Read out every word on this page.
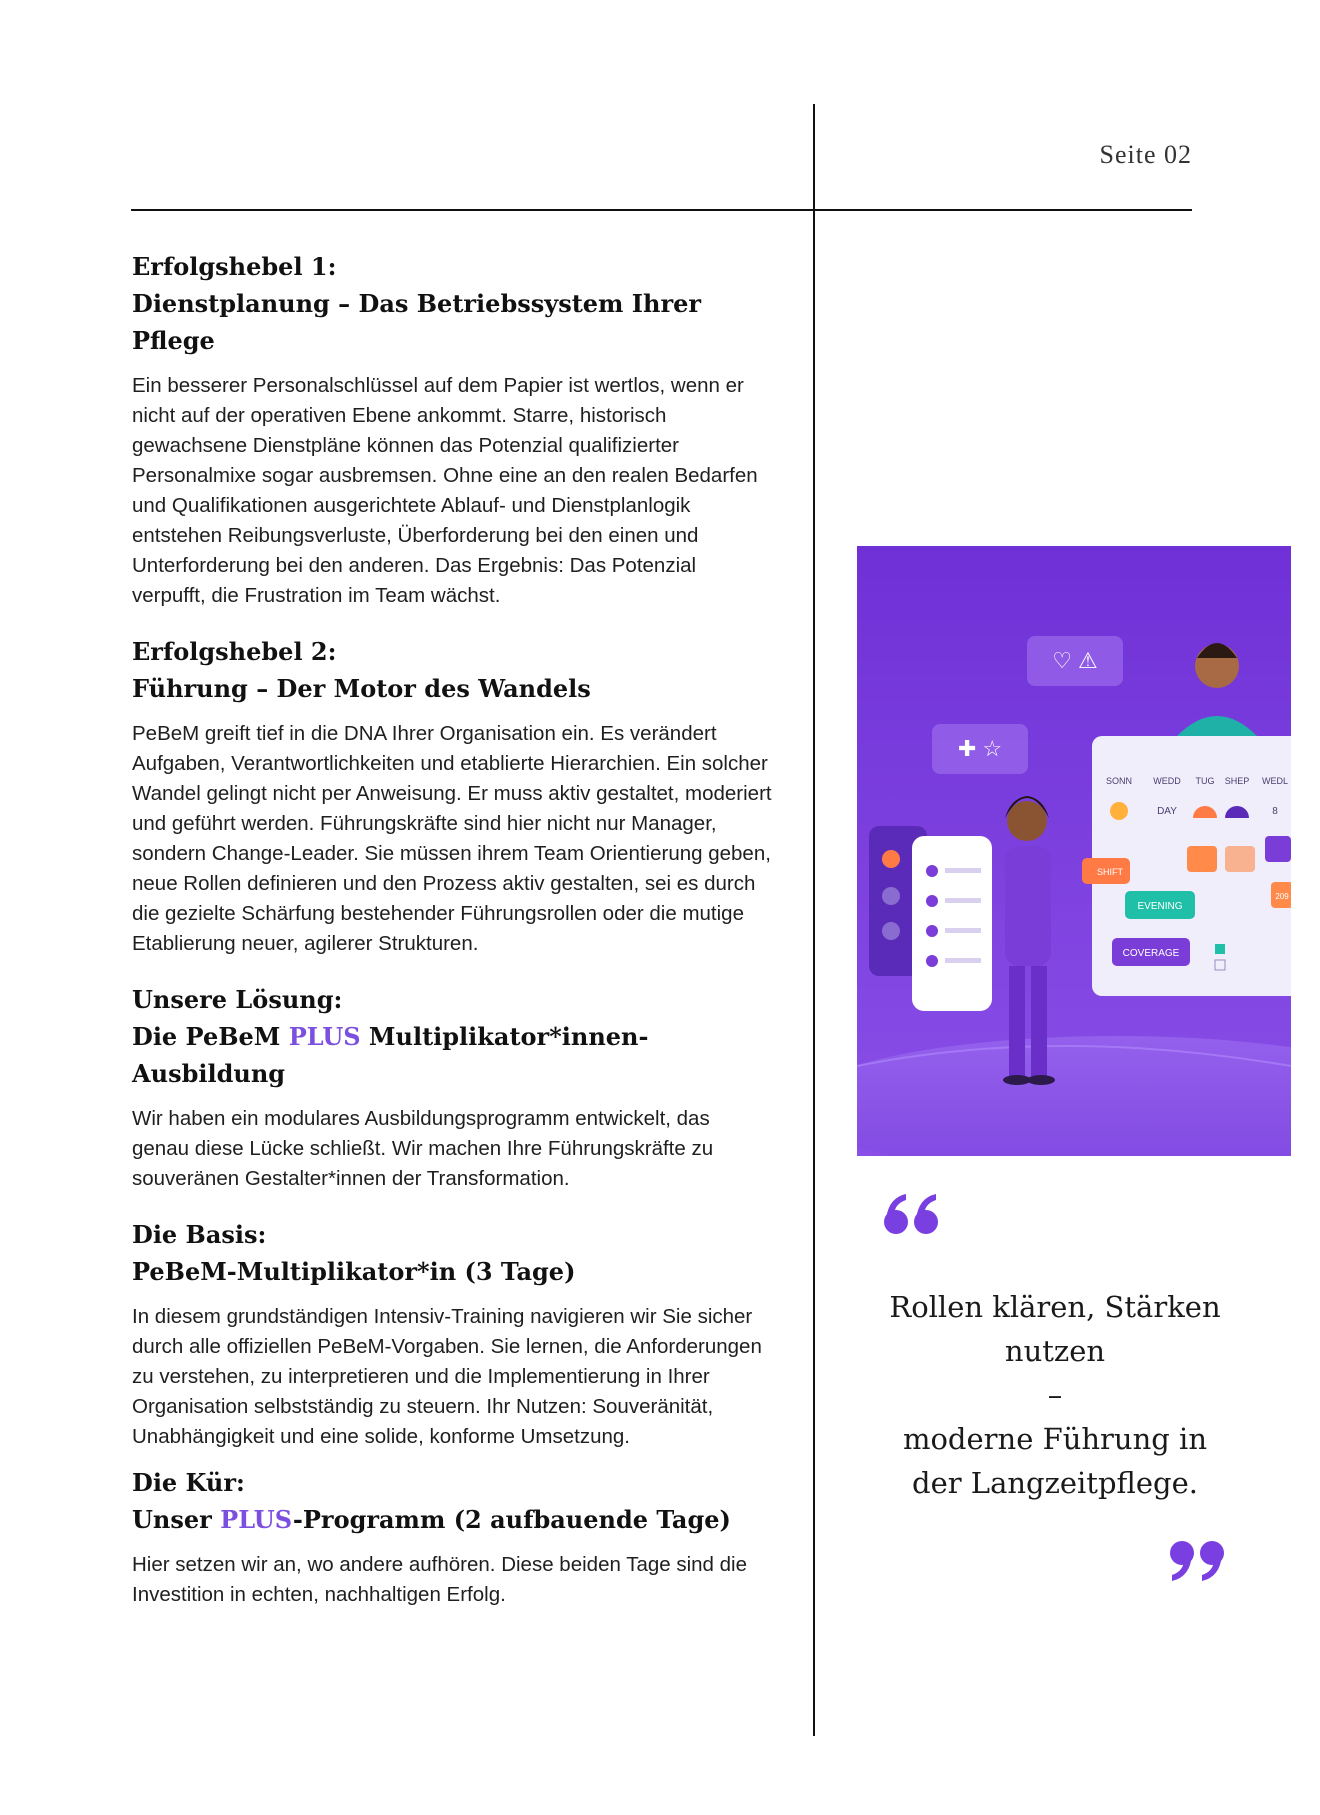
Seite 02
Erfolgshebel 1:
Dienstplanung – Das Betriebssystem Ihrer Pflege
Ein besserer Personalschlüssel auf dem Papier ist wertlos, wenn er nicht auf der operativen Ebene ankommt. Starre, historisch gewachsene Dienstpläne können das Potenzial qualifizierter Personalmixe sogar ausbremsen. Ohne eine an den realen Bedarfen und Qualifikationen ausgerichtete Ablauf- und Dienstplanlogik entstehen Reibungsverluste, Überforderung bei den einen und Unterforderung bei den anderen. Das Ergebnis: Das Potenzial verpufft, die Frustration im Team wächst.
Erfolgshebel 2:
Führung – Der Motor des Wandels
PeBeM greift tief in die DNA Ihrer Organisation ein. Es verändert Aufgaben, Verantwortlichkeiten und etablierte Hierarchien. Ein solcher Wandel gelingt nicht per Anweisung. Er muss aktiv gestaltet, moderiert und geführt werden. Führungskräfte sind hier nicht nur Manager, sondern Change-Leader. Sie müssen ihrem Team Orientierung geben, neue Rollen definieren und den Prozess aktiv gestalten, sei es durch die gezielte Schärfung bestehender Führungsrollen oder die mutige Etablierung neuer, agilerer Strukturen.
Unsere Lösung:
Die PeBeM PLUS Multiplikator*innen-Ausbildung
Wir haben ein modulares Ausbildungsprogramm entwickelt, das genau diese Lücke schließt. Wir machen Ihre Führungskräfte zu souveränen Gestalter*innen der Transformation.
Die Basis:
PeBeM-Multiplikator*in (3 Tage)
In diesem grundständigen Intensiv-Training navigieren wir Sie sicher durch alle offiziellen PeBeM-Vorgaben. Sie lernen, die Anforderungen zu verstehen, zu interpretieren und die Implementierung in Ihrer Organisation selbstständig zu steuern. Ihr Nutzen: Souveränität, Unabhängigkeit und eine solide, konforme Umsetzung.
Die Kür:
Unser PLUS-Programm (2 aufbauende Tage)
Hier setzen wir an, wo andere aufhören. Diese beiden Tage sind die Investition in echten, nachhaltigen Erfolg.
♡ ⚠
✚ ☆
SONN WEDD TUG SHEP WEDL
DAY	8
209
SHIFT
EVENING
COVERAGE
Rollen klären, Stärken
nutzen
–
moderne Führung in
der Langzeitpflege.
